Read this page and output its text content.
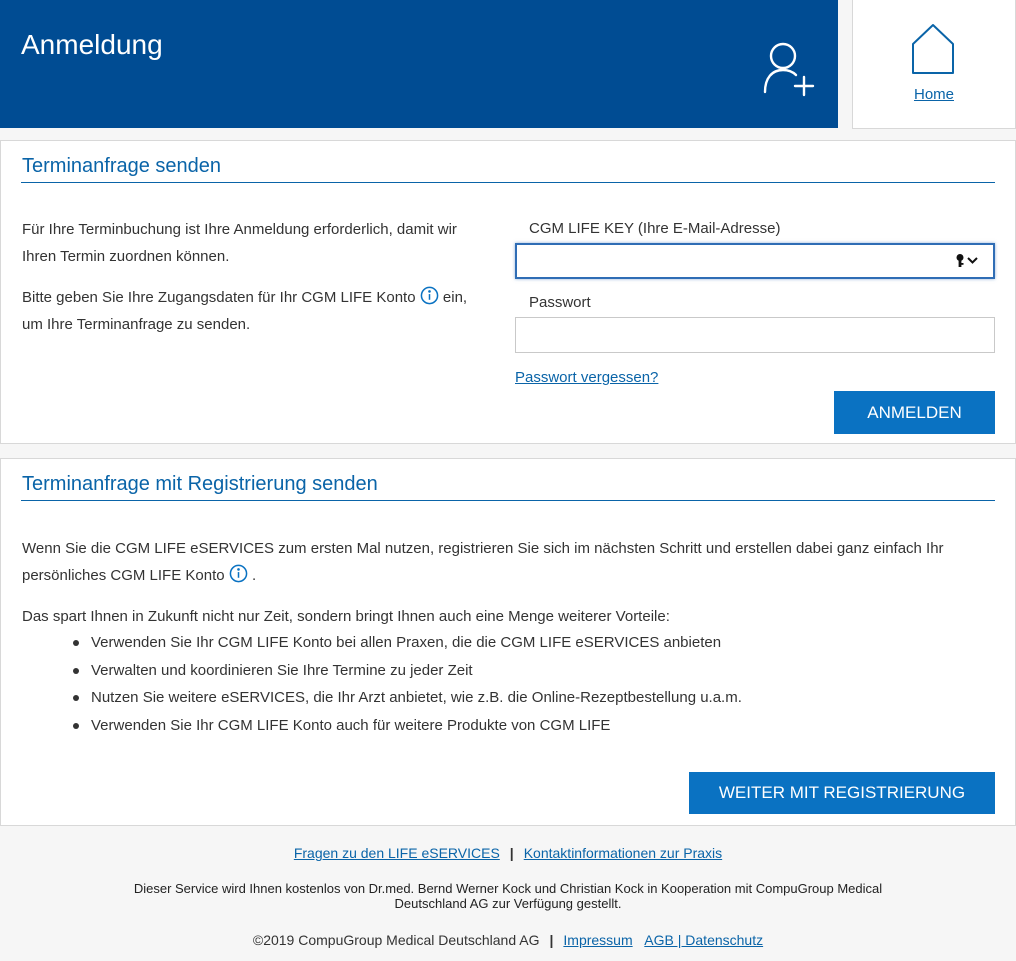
Anmeldung
Home
Terminanfrage senden
Für Ihre Terminbuchung ist Ihre Anmeldung erforderlich, damit wir
Ihren Termin zuordnen können.
Bitte geben Sie Ihre Zugangsdaten für Ihr CGM LIFE Konto  ein,
um Ihre Terminanfrage zu senden.
CGM LIFE KEY (Ihre E-Mail-Adresse)
Passwort
Passwort vergessen?
ANMELDEN
Terminanfrage mit Registrierung senden
Wenn Sie die CGM LIFE eSERVICES zum ersten Mal nutzen, registrieren Sie sich im nächsten Schritt und erstellen dabei ganz einfach Ihr
persönliches CGM LIFE Konto .
Das spart Ihnen in Zukunft nicht nur Zeit, sondern bringt Ihnen auch eine Menge weiterer Vorteile:
Verwenden Sie Ihr CGM LIFE Konto bei allen Praxen, die die CGM LIFE eSERVICES anbieten
Verwalten und koordinieren Sie Ihre Termine zu jeder Zeit
Nutzen Sie weitere eSERVICES, die Ihr Arzt anbietet, wie z.B. die Online-Rezeptbestellung u.a.m.
Verwenden Sie Ihr CGM LIFE Konto auch für weitere Produkte von CGM LIFE
WEITER MIT REGISTRIERUNG
Fragen zu den LIFE eSERVICES | Kontaktinformationen zur Praxis
Dieser Service wird Ihnen kostenlos von Dr.med. Bernd Werner Kock und Christian Kock in Kooperation mit CompuGroup Medical
Deutschland AG zur Verfügung gestellt.
©2019 CompuGroup Medical Deutschland AG | Impressum AGB | Datenschutz
